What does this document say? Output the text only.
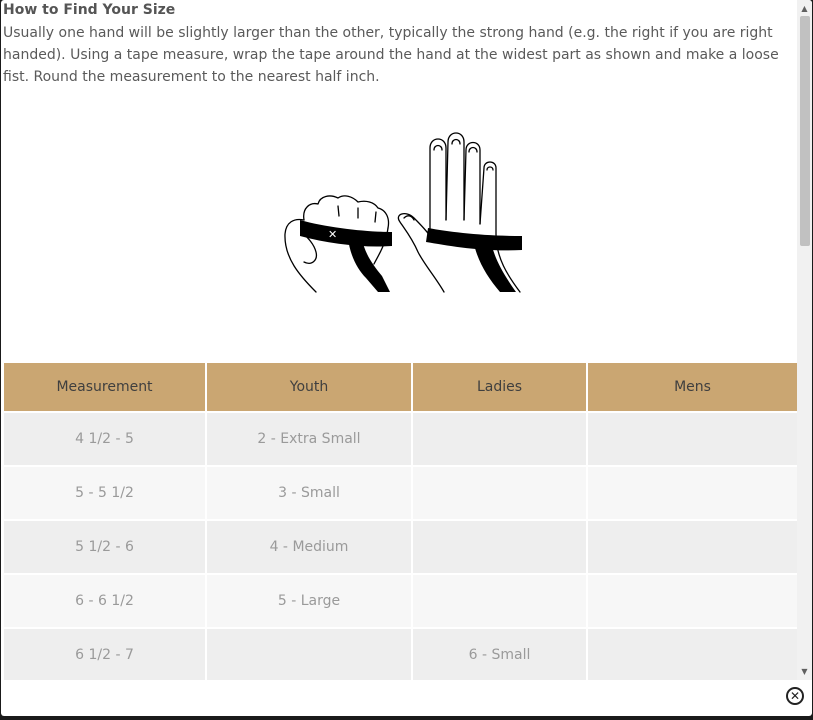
How to Find Your Size
Usually one hand will be slightly larger than the other, typically the strong hand (e.g. the right if you are right handed). Using a tape measure, wrap the tape around the hand at the widest part as shown and make a loose fist. Round the measurement to the nearest half inch.
✕
Measurement	Youth	Ladies	Mens
4 1/2 - 5	2 - Extra Small		
5 - 5 1/2	3 - Small		
5 1/2 - 6	4 - Medium		
6 - 6 1/2	5 - Large		
6 1/2 - 7		6 - Small	
▲
▼
✕
